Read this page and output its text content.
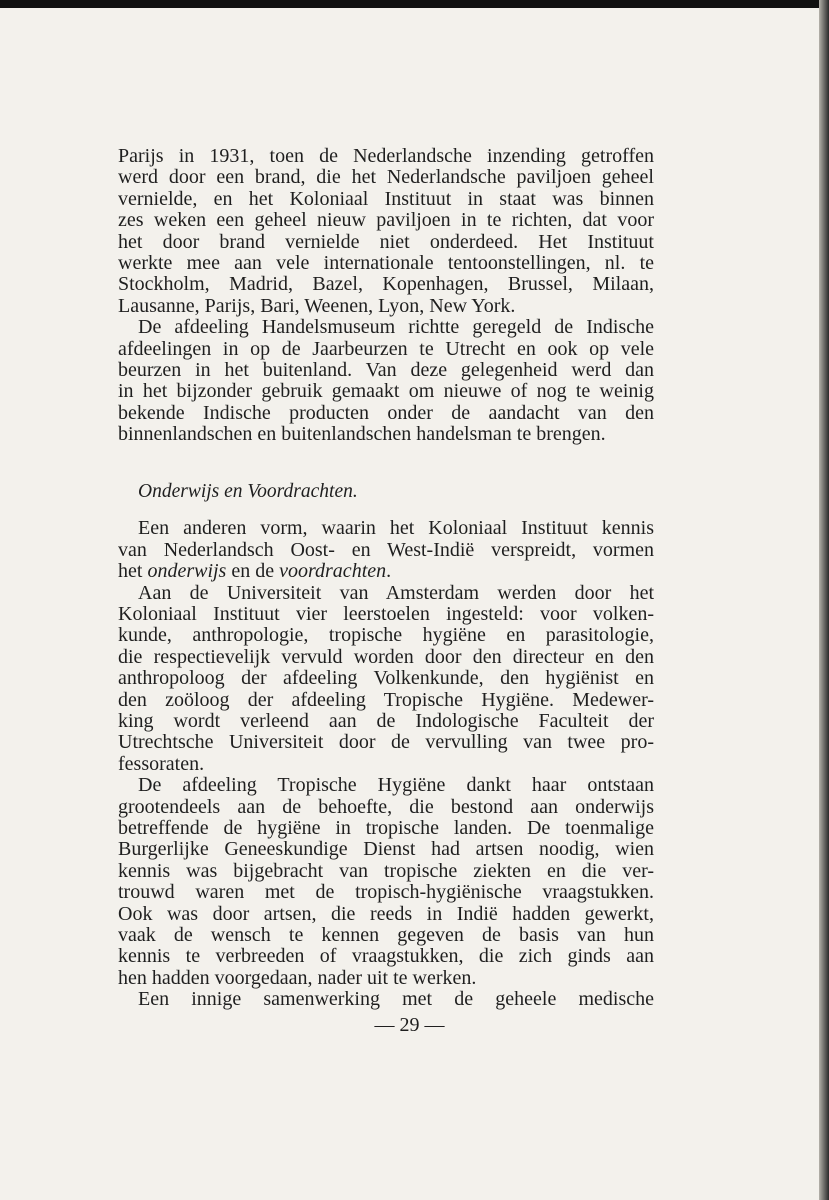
Parijs in 1931, toen de Nederlandsche inzending getroffen
werd door een brand, die het Nederlandsche paviljoen geheel
vernielde, en het Koloniaal Instituut in staat was binnen
zes weken een geheel nieuw paviljoen in te richten, dat voor
het door brand vernielde niet onderdeed. Het Instituut
werkte mee aan vele internationale tentoonstellingen, nl. te
Stockholm, Madrid, Bazel, Kopenhagen, Brussel, Milaan,
Lausanne, Parijs, Bari, Weenen, Lyon, New York.
De afdeeling Handelsmuseum richtte geregeld de Indische
afdeelingen in op de Jaarbeurzen te Utrecht en ook op vele
beurzen in het buitenland. Van deze gelegenheid werd dan
in het bijzonder gebruik gemaakt om nieuwe of nog te weinig
bekende Indische producten onder de aandacht van den
binnenlandschen en buitenlandschen handelsman te brengen.
Onderwijs en Voordrachten.
Een anderen vorm, waarin het Koloniaal Instituut kennis
van Nederlandsch Oost- en West-Indië verspreidt, vormen
het onderwijs en de voordrachten.
Aan de Universiteit van Amsterdam werden door het
Koloniaal Instituut vier leerstoelen ingesteld: voor volken-
kunde, anthropologie, tropische hygiëne en parasitologie,
die respectievelijk vervuld worden door den directeur en den
anthropoloog der afdeeling Volkenkunde, den hygiënist en
den zoöloog der afdeeling Tropische Hygiëne. Medewer-
king wordt verleend aan de Indologische Faculteit der
Utrechtsche Universiteit door de vervulling van twee pro-
fessoraten.
De afdeeling Tropische Hygiëne dankt haar ontstaan
grootendeels aan de behoefte, die bestond aan onderwijs
betreffende de hygiëne in tropische landen. De toenmalige
Burgerlijke Geneeskundige Dienst had artsen noodig, wien
kennis was bijgebracht van tropische ziekten en die ver-
trouwd waren met de tropisch-hygiënische vraagstukken.
Ook was door artsen, die reeds in Indië hadden gewerkt,
vaak de wensch te kennen gegeven de basis van hun
kennis te verbreeden of vraagstukken, die zich ginds aan
hen hadden voorgedaan, nader uit te werken.
Een innige samenwerking met de geheele medische
— 29 —
